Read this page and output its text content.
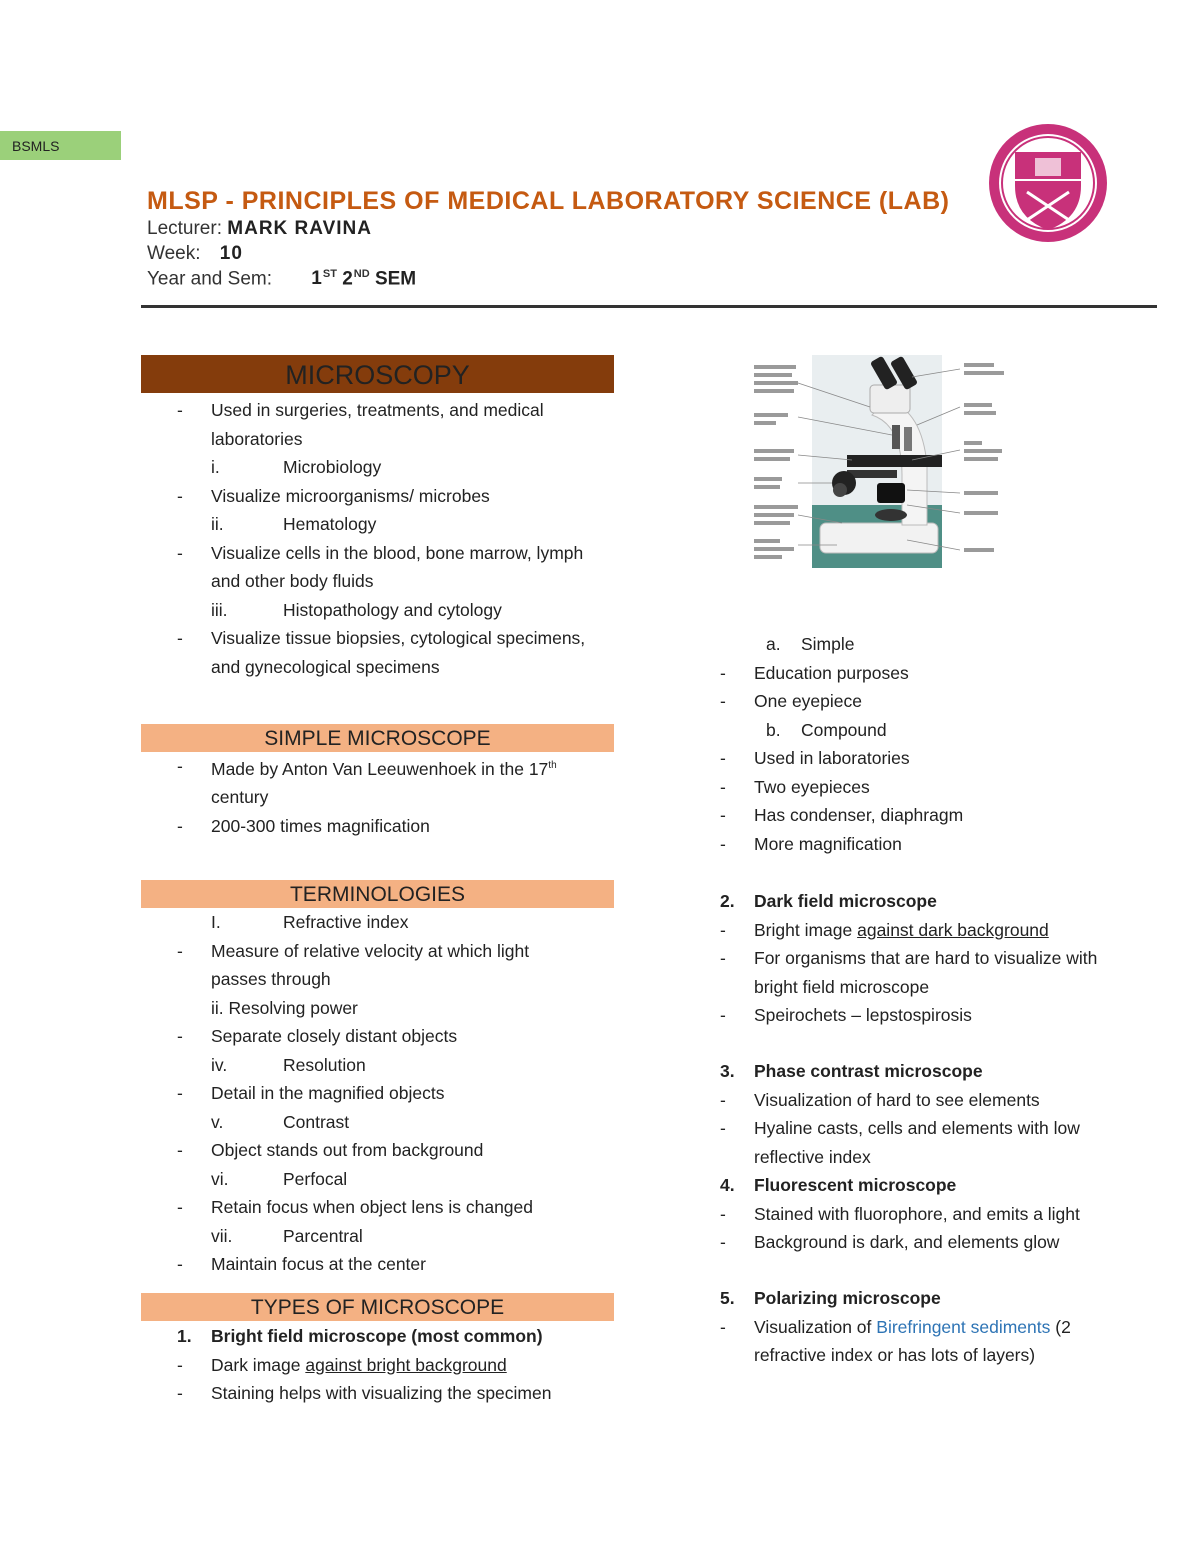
BSMLS
MLSP - PRINCIPLES OF MEDICAL LABORATORY SCIENCE (LAB)
Lecturer: MARK RAVINA
Week: 10
Year and Sem: 1ST 2ND SEM
MICROSCOPY
- Used in surgeries, treatments, and medical laboratories
i.	Microbiology
- Visualize microorganisms/ microbes
ii.	Hematology
- Visualize cells in the blood, bone marrow, lymph and other body fluids
iii.	Histopathology and cytology
- Visualize tissue biopsies, cytological specimens, and gynecological specimens
SIMPLE MICROSCOPE
- Made by Anton Van Leeuwenhoek in the 17th
century
- 200-300 times magnification
TERMINOLOGIES
I.	Refractive index
- Measure of relative velocity at which light
passes through
ii. Resolving power
- Separate closely distant objects
iv.	Resolution
- Detail in the magnified objects
v.	Contrast
- Object stands out from background
vi.	Perfocal
- Retain focus when object lens is changed
vii.	Parcentral
- Maintain focus at the center
TYPES OF MICROSCOPE
1. Bright field microscope (most common)
- Dark image against bright background
- Staining helps with visualizing the specimen
a. Simple
- Education purposes
- One eyepiece
b. Compound
- Used in laboratories
- Two eyepieces
- Has condenser, diaphragm
- More magnification
2. Dark field microscope
- Bright image against dark background
- For organisms that are hard to visualize with
bright field microscope
- Speirochets – lepstospirosis
3. Phase contrast microscope
- Visualization of hard to see elements
- Hyaline casts, cells and elements with low
reflective index
4. Fluorescent microscope
- Stained with fluorophore, and emits a light
- Background is dark, and elements glow
5. Polarizing microscope
- Visualization of Birefringent sediments (2
refractive index or has lots of layers)
